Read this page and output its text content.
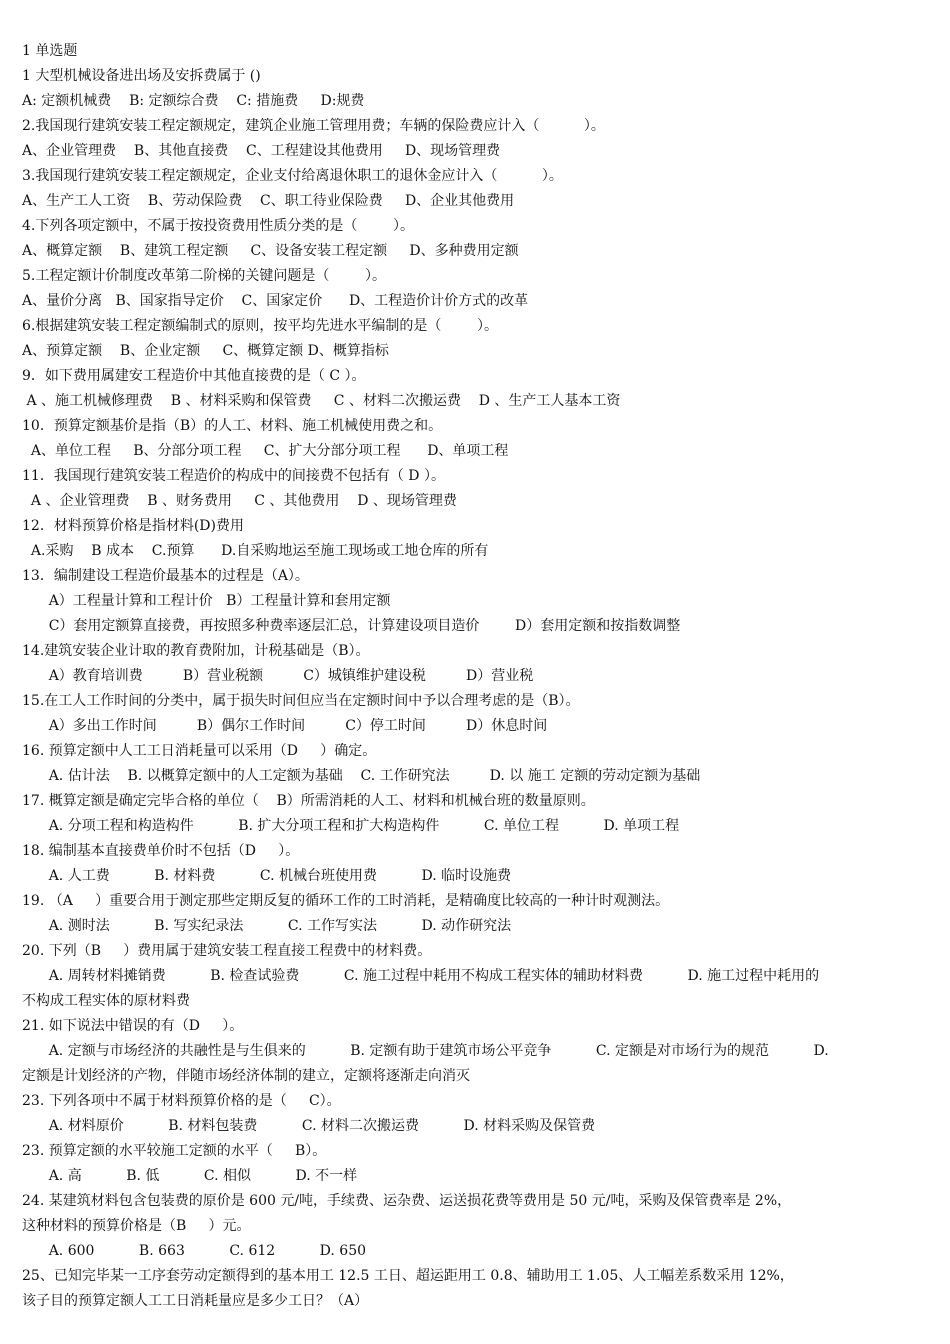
1 单选题
1 大型机械设备进出场及安拆费属于 ()
A: 定额机械费    B: 定额综合费    C: 措施费     D:规费
2.我国现行建筑安装工程定额规定，建筑企业施工管理用费；车辆的保险费应计入（          ）。
A、企业管理费    B、其他直接费    C、工程建设其他费用     D、现场管理费
3.我国现行建筑安装工程定额规定，企业支付给离退休职工的退休金应计入（          ）。
A、生产工人工资    B、劳动保险费    C、职工待业保险费     D、企业其他费用
4.下列各项定额中，不属于按投资费用性质分类的是（        ）。
A、概算定额    B、建筑工程定额     C、设备安装工程定额     D、多种费用定额
5.工程定额计价制度改革第二阶梯的关键问题是（        ）。
A、量价分离   B、国家指导定价    C、国家定价      D、工程造价计价方式的改革
6.根据建筑安装工程定额编制式的原则，按平均先进水平编制的是（        ）。
A、预算定额    B、企业定额     C、概算定额 D、概算指标
9．如下费用属建安工程造价中其他直接费的是（ C ）。
A 、施工机械修理费    B 、材料采购和保管费     C 、材料二次搬运费    D 、生产工人基本工资
10．预算定额基价是指（B）的人工、材料、施工机械使用费之和。
A、单位工程     B、分部分项工程     C、扩大分部分项工程      D、单项工程
11．我国现行建筑安装工程造价的构成中的间接费不包括有（ D ）。
A 、企业管理费    B 、财务费用     C 、其他费用    D 、现场管理费
12．材料预算价格是指材料(D)费用
A.采购    B 成本    C.预算      D.自采购地运至施工现场或工地仓库的所有
13．编制建设工程造价最基本的过程是（A）。
A）工程量计算和工程计价   B）工程量计算和套用定额
C）套用定额算直接费，再按照多种费率逐层汇总，计算建设项目造价        D）套用定额和按指数调整
14.建筑安装企业计取的教育费附加，计税基础是（B）。
A）教育培训费         B）营业税额         C）城镇维护建设税         D）营业税
15.在工人工作时间的分类中，属于损失时间但应当在定额时间中予以合理考虑的是（B）。
A）多出工作时间         B）偶尔工作时间         C）停工时间         D）休息时间
16. 预算定额中人工工日消耗量可以采用（D     ）确定。
A. 估计法    B. 以概算定额中的人工定额为基础    C. 工作研究法         D. 以 施工 定额的劳动定额为基础
17. 概算定额是确定完毕合格的单位（    B）所需消耗的人工、材料和机械台班的数量原则。
A. 分项工程和构造构件          B. 扩大分项工程和扩大构造构件          C. 单位工程          D. 单项工程
18. 编制基本直接费单价时不包括（D     ）。
A. 人工费          B. 材料费          C. 机械台班使用费          D. 临时设施费
19. （A     ）重要合用于测定那些定期反复的循环工作的工时消耗，是精确度比较高的一种计时观测法。
A. 测时法          B. 写实纪录法          C. 工作写实法          D. 动作研究法
20. 下列（B     ）费用属于建筑安装工程直接工程费中的材料费。
A. 周转材料摊销费          B. 检查试验费          C. 施工过程中耗用不构成工程实体的辅助材料费          D. 施工过程中耗用的
不构成工程实体的原材料费
21. 如下说法中错误的有（D     ）。
A. 定额与市场经济的共融性是与生俱来的          B. 定额有助于建筑市场公平竞争          C. 定额是对市场行为的规范          D.
定额是计划经济的产物，伴随市场经济体制的建立，定额将逐渐走向消灭
23. 下列各项中不属于材料预算价格的是（     C）。
A. 材料原价          B. 材料包装费          C. 材料二次搬运费          D. 材料采购及保管费
23. 预算定额的水平较施工定额的水平（     B）。
A. 高          B. 低          C. 相似          D. 不一样
24. 某建筑材料包含包装费的原价是 600 元/吨，手续费、运杂费、运送损花费等费用是 50 元/吨，采购及保管费率是 2%，
这种材料的预算价格是（B     ）元。
A. 600          B. 663          C. 612          D. 650
25、已知完毕某一工序套劳动定额得到的基本用工 12.5 工日、超运距用工 0.8、辅助用工 1.05、人工幅差系数采用 12%，
该子目的预算定额人工工日消耗量应是多少工日？（A）
